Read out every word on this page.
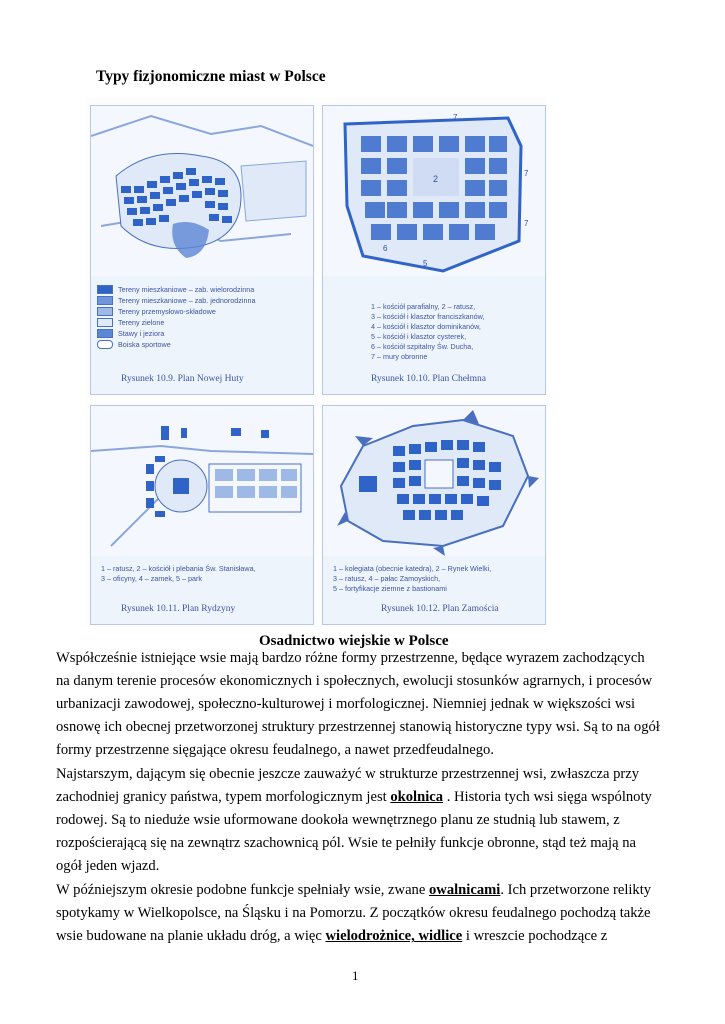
Typy fizjonomiczne miast w Polsce
Tereny mieszkaniowe – zab. wielorodzinna
Tereny mieszkaniowe – zab. jednorodzinna
Tereny przemysłowo-składowe
Tereny zielone
Stawy i jeziora
Boiska sportowe
Rysunek 10.9. Plan Nowej Huty
2
7
7
7
6
5
1 – kościół parafialny, 2 – ratusz,
3 – kościół i klasztor franciszkanów,
4 – kościół i klasztor dominikanów,
5 – kościół i klasztor cysterek,
6 – kościół szpitalny Św. Ducha,
7 – mury obronne
Rysunek 10.10. Plan Chełmna
1 – ratusz, 2 – kościół i plebania Św. Stanisława,
3 – oficyny, 4 – zamek, 5 – park
Rysunek 10.11. Plan Rydzyny
1 – kolegiata (obecnie katedra), 2 – Rynek Wielki,
3 – ratusz, 4 – pałac Zamoyskich,
5 – fortyfikacje ziemne z bastionami
Rysunek 10.12. Plan Zamościa
Osadnictwo wiejskie w Polsce
Współcześnie istniejące wsie mają bardzo różne formy przestrzenne, będące wyrazem zachodzących
na danym terenie procesów ekonomicznych i społecznych, ewolucji stosunków agrarnych, i procesów
urbanizacji zawodowej, społeczno-kulturowej i morfologicznej. Niemniej jednak w większości wsi
osnowę ich obecnej przetworzonej struktury przestrzennej stanowią historyczne typy wsi. Są to na ogół
formy przestrzenne sięgające okresu feudalnego, a nawet przedfeudalnego.
Najstarszym, dającym się obecnie jeszcze zauważyć w strukturze przestrzennej wsi, zwłaszcza przy
zachodniej granicy państwa, typem morfologicznym jest okolnica . Historia tych wsi sięga wspólnoty
rodowej. Są to nieduże wsie uformowane dookoła wewnętrznego planu ze studnią lub stawem, z
rozpościerającą się na zewnątrz szachownicą pól. Wsie te pełniły funkcje obronne, stąd też mają na
ogół jeden wjazd.
W późniejszym okresie podobne funkcje spełniały wsie, zwane owalnicami. Ich przetworzone relikty
spotykamy w Wielkopolsce, na Śląsku i na Pomorzu. Z początków okresu feudalnego pochodzą także
wsie budowane na planie układu dróg, a więc wielodrożnice, widlice i wreszcie pochodzące z
1
